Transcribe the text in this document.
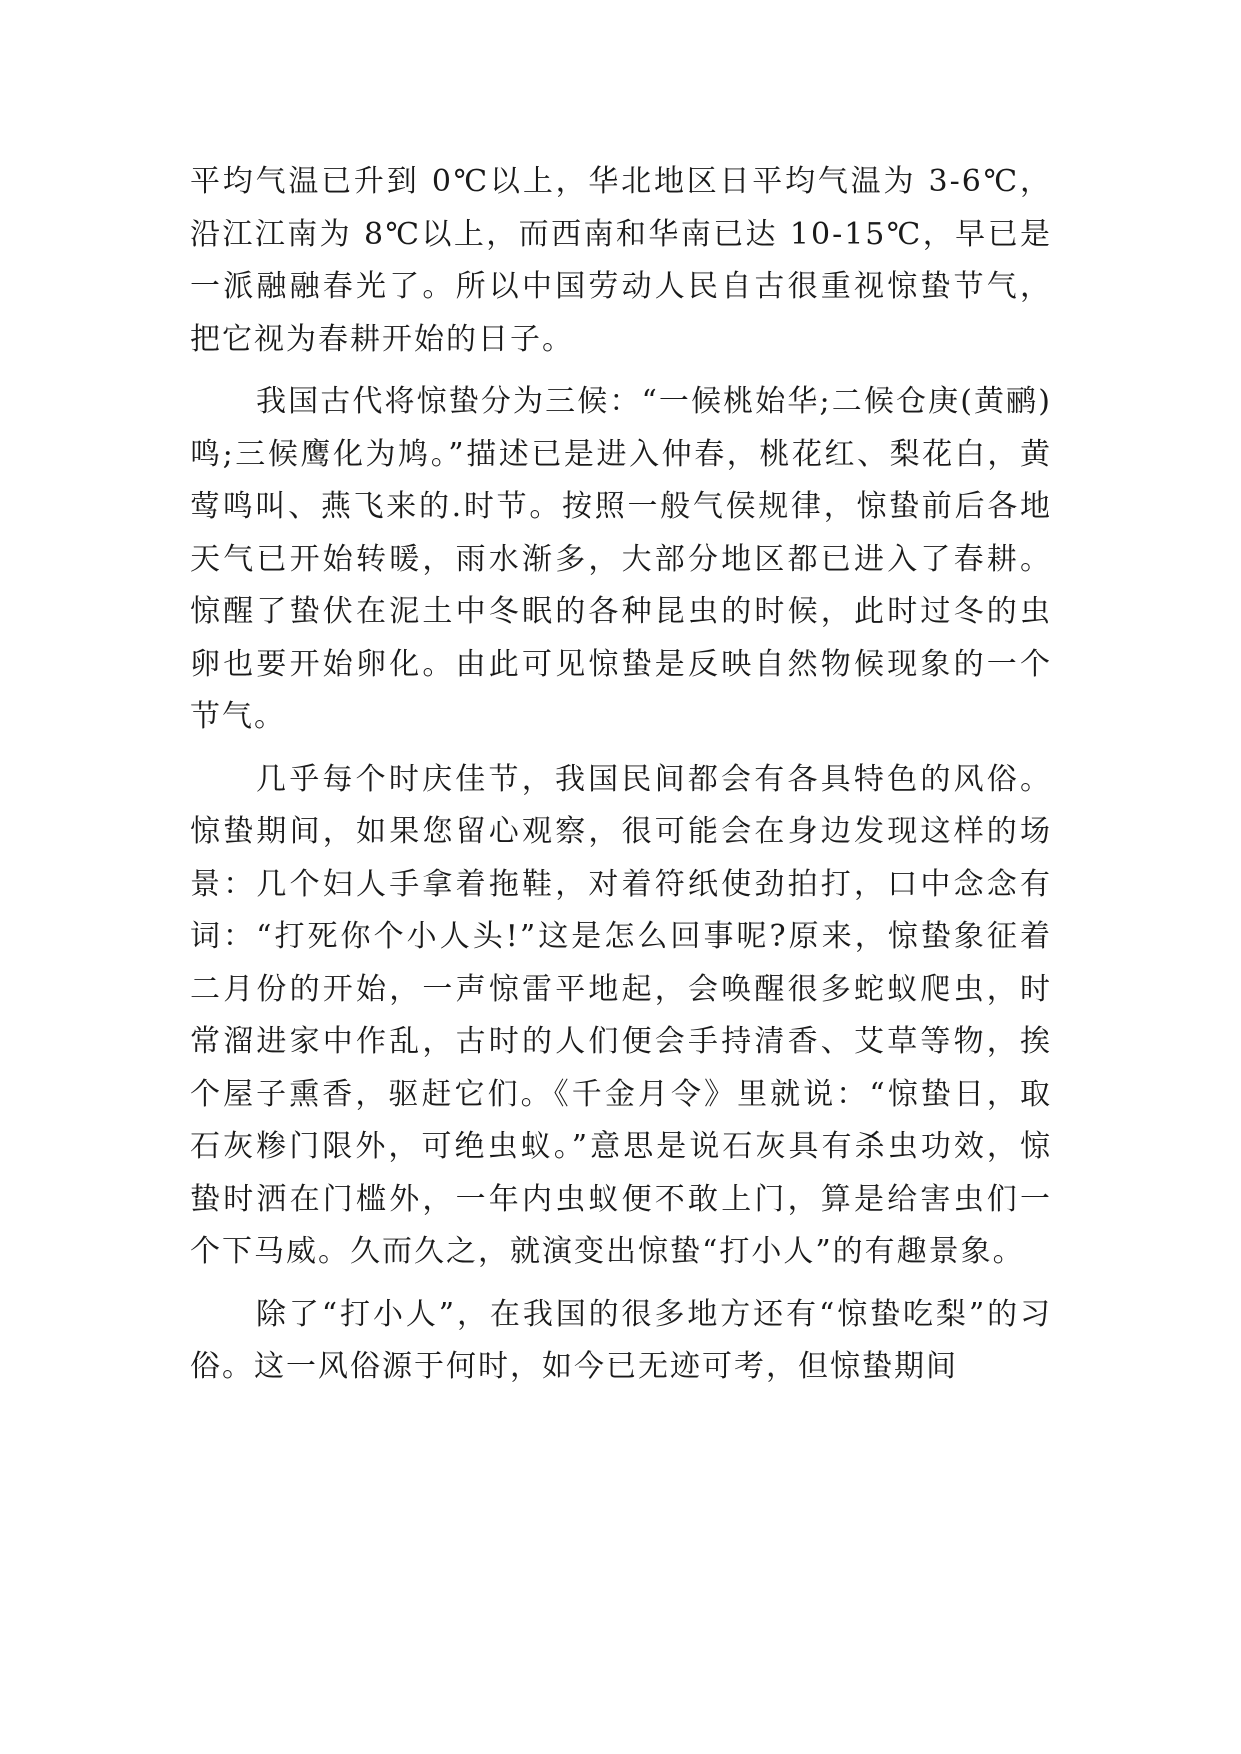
平均气温已升到 0℃以上，华北地区日平均气温为 3-6℃，沿江江南为 8℃以上，而西南和华南已达 10-15℃，早已是一派融融春光了。所以中国劳动人民自古很重视惊蛰节气，把它视为春耕开始的日子。

我国古代将惊蛰分为三候：“一候桃始华;二候仓庚(黄鹂)鸣;三候鹰化为鸠。”描述已是进入仲春，桃花红、梨花白，黄莺鸣叫、燕飞来的.时节。按照一般气侯规律，惊蛰前后各地天气已开始转暖，雨水渐多，大部分地区都已进入了春耕。惊醒了蛰伏在泥土中冬眠的各种昆虫的时候，此时过冬的虫卵也要开始卵化。由此可见惊蛰是反映自然物候现象的一个节气。

几乎每个时庆佳节，我国民间都会有各具特色的风俗。惊蛰期间，如果您留心观察，很可能会在身边发现这样的场景：几个妇人手拿着拖鞋，对着符纸使劲拍打，口中念念有词：“打死你个小人头!”这是怎么回事呢?原来，惊蛰象征着二月份的开始，一声惊雷平地起，会唤醒很多蛇蚁爬虫，时常溜进家中作乱，古时的人们便会手持清香、艾草等物，挨个屋子熏香，驱赶它们。《千金月令》里就说：“惊蛰日，取石灰糁门限外，可绝虫蚁。”意思是说石灰具有杀虫功效，惊蛰时洒在门槛外，一年内虫蚁便不敢上门，算是给害虫们一个下马威。久而久之，就演变出惊蛰“打小人”的有趣景象。

除了“打小人”，在我国的很多地方还有“惊蛰吃梨”的习俗。这一风俗源于何时，如今已无迹可考，但惊蛰期间
